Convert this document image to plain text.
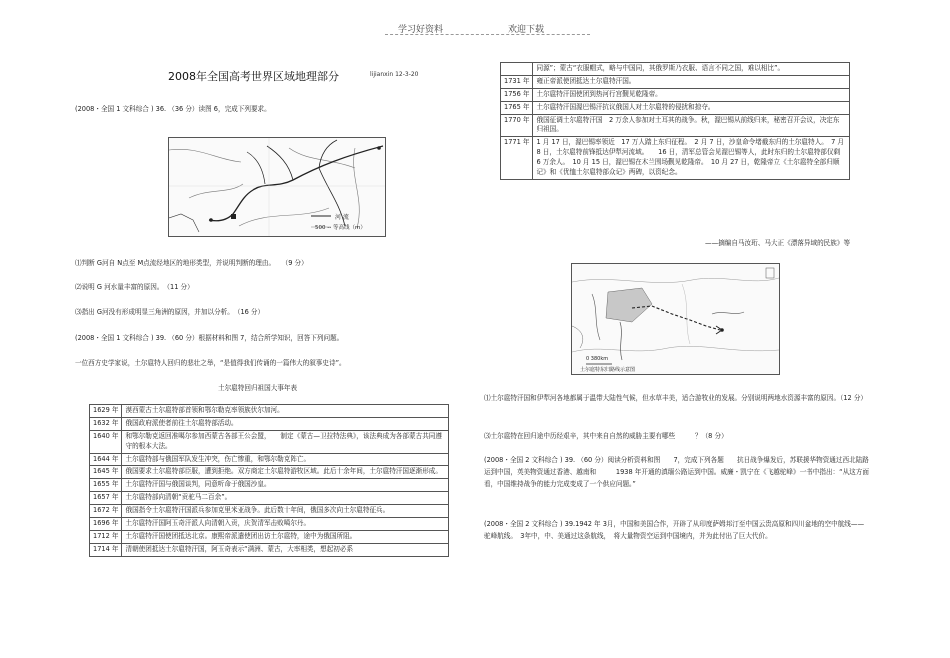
学习好资料	欢迎下载
2008年全国高考世界区域地理部分	lijianxin 12-3-20
(2008・全国 1 文科综合 ) 36. （36 分）读图 6，完成下列要求。
河 流
500 -- 等高线（m）
⑴判断 G河自 N点至 M点流经地区的地形类型，并说明判断的理由。　　（9 分）
⑵说明 G 河水量丰富的原因。　（11 分）
⑶指出 G河没有形成明显三角洲的原因，并加以分析。　（16 分）
(2008・全国 1 文科综合 ) 39. （60 分）根据材料和图 7，结合所学知识，回答下列问题。
一位西方史学家说，土尔扈特人回归的悲壮之举，“是值得我们传诵的一篇伟大的叙事史诗”。
土尔扈特回归祖国大事年表
1629 年	漠西蒙古土尔扈特部首领和鄂尔勒克率领族伏尔加河。
1632 年	俄国政府派使者前往土尔扈特部活动。
1640 年	和鄂尔勒克返回准噶尔参加西蒙古各部王公会盟，　　制定《蒙古—卫拉特法典》，该法典成为各部蒙古共同遵守的根本大法。
1644 年	土尔扈特部与俄国军队发生冲突，伤亡惨重，和鄂尔勒克阵亡。
1645 年	俄国要求土尔扈特部臣服，遭到拒绝。双方商定土尔扈特游牧区域。此后十余年间，土尔扈特汗国逐渐形成。
1655 年	土尔扈特汗国与俄国谈判，同意听命于俄国沙皇。
1657 年	土尔扈特部向清朝“贡驼马二百余”。
1672 年	俄国指令土尔扈特汗国派兵参加克里米亚战争。此后数十年间，俄国多次向土尔扈特征兵。
1696 年	土尔扈特汗国阿玉奇汗派人向清朝入贡，庆贺清军击败噶尔丹。
1712 年	土尔扈特汗国使团抵达北京。康熙帝派遣使团出访土尔扈特，途中为俄国所阻。
1714 年	清朝使团抵达土尔扈特汗国，阿玉奇表示“满洲、蒙古，大率相类，想起初必系
	同源”；蒙古“衣服帽式，略与中国同，其俄罗斯乃衣服、语言不同之国，难以相比”。
1731 年	雍正帝派使团抵达土尔扈特汗国。
1756 年	土尔扈特汗国使团到热河行宫觐见乾隆帝。
1765 年	土尔扈特汗国渥巴锡汗抗议俄国人对土尔扈特的侵扰和掠夺。
1770 年	俄国征调土尔扈特汗国　2 万余人参加对土耳其的战争。秋，渥巴锡从前线归来，秘密召开会议，决定东归祖国。
1771 年	1 月 17 日，渥巴锡率领近　17 万人踏上东归征程。　2 月 7 日，沙皇命令堵截东归的土尔扈特人。　7 月 8 日，土尔扈特前锋抵达伊犁河流域。　　16 日，清军总管会见渥巴锡等人，此时东归的土尔扈特部仅剩　　6 万余人。　10 月 15 日，渥巴锡在木兰围场觐见乾隆帝。　10 月 27 日，乾隆帝立《土尔扈特全部归顺记》和《优恤土尔扈特部众记》两碑，以资纪念。
——摘编自马汝珩、马大正《漂落异域的民族》等
0 380km
土尔扈特东归路线示意图
⑴土尔扈特汗国和伊犁河各地都属于温带大陆性气候，但水草丰美，适合游牧业的发展。分别说明两地水资源丰富的原因。（12 分）
⑶土尔扈特在回归途中历经艰辛，其中来自自然的威胁主要有哪些　　　？（8 分）
(2008・全国 2 文科综合 ) 39. （60 分）阅读分析资料和图　　7，完成下列各题　　抗日战争爆发后，苏联援华物资通过西北陆路运到中国，英美物资通过香港、越南和　　　1938 年开通的滇缅公路运到中国。威廉・凯宁在《飞越驼峰》一书中指出：“从这方面看，中国维持战争的能力完成变成了一个供应问题。”
(2008・全国 2 文科综合 ) 39.1942 年 3月，中国和美国合作，开辟了从印度萨姆邦汀至中国云贵高原和四川盆地的空中航线——驼峰航线。　3年中，中、美通过这条航线，　将大量物资空运到中国境内，并为此付出了巨大代价。
